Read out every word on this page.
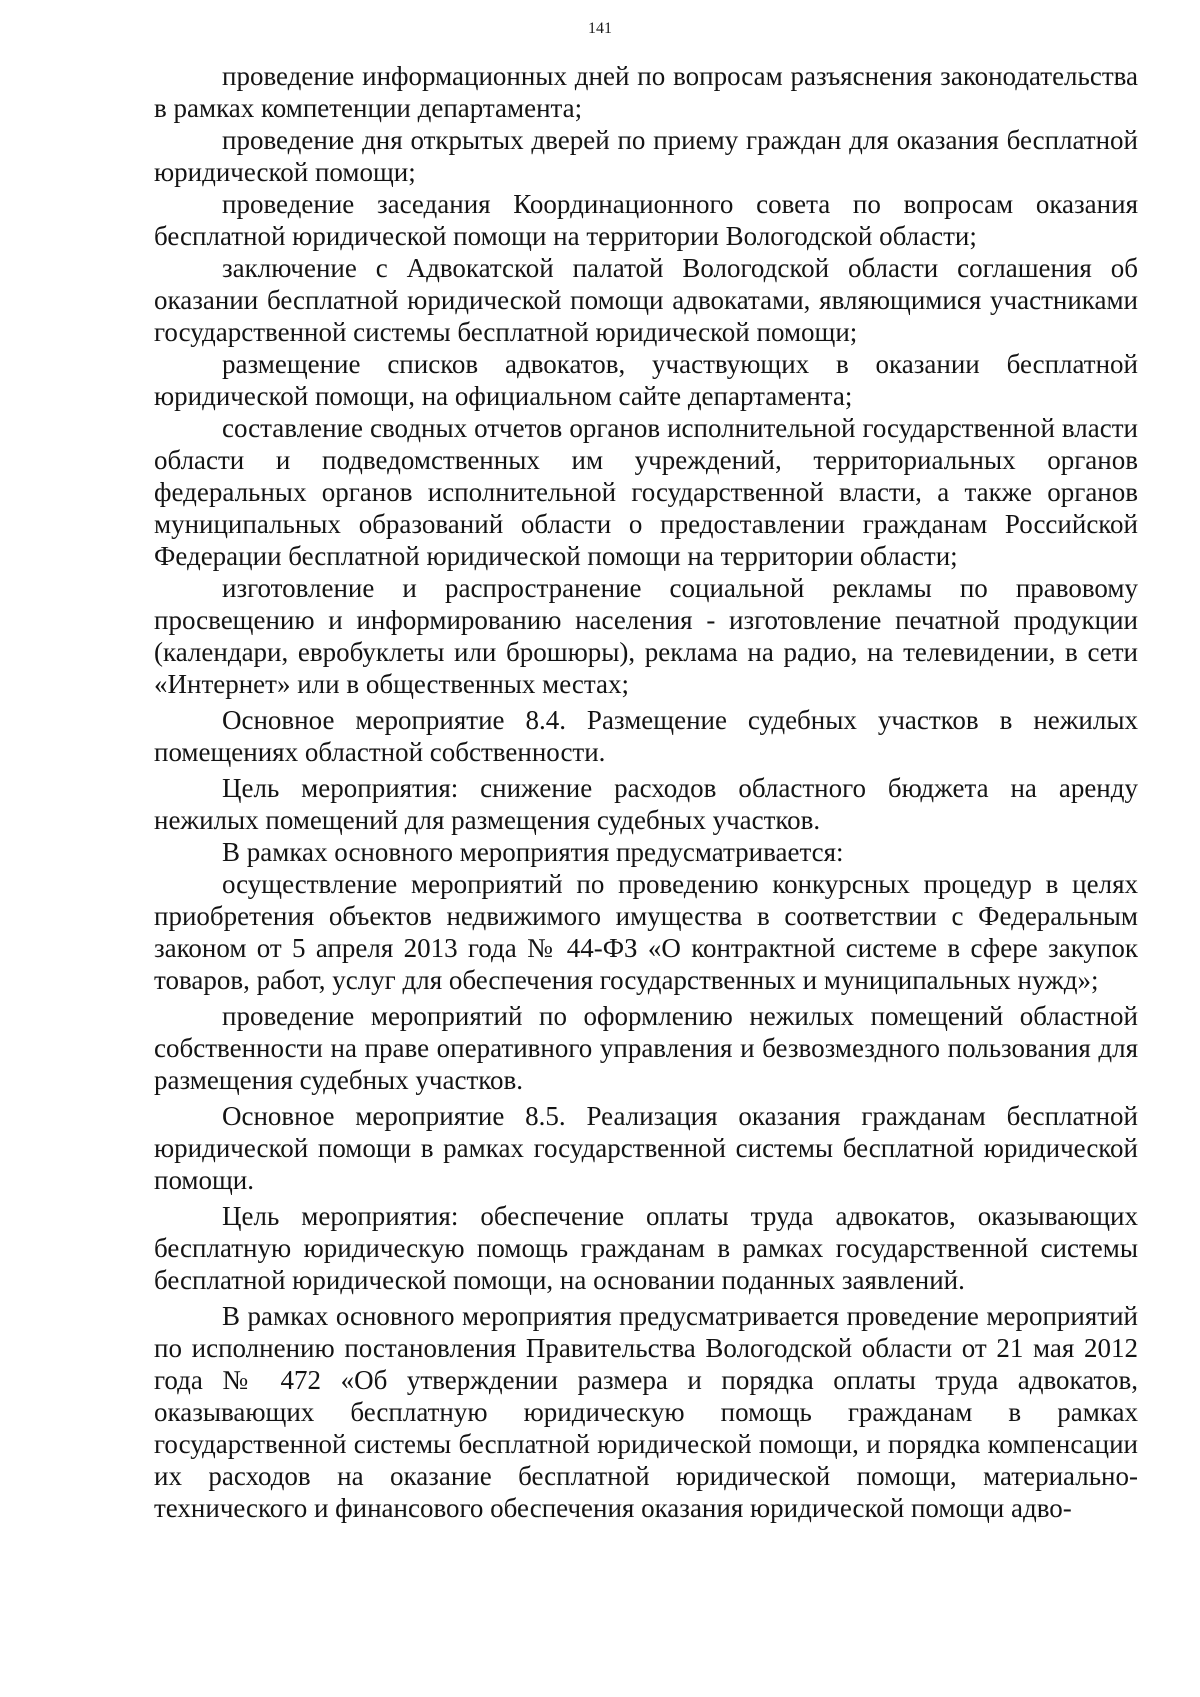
141

проведение информационных дней по вопросам разъяснения законодательства в рамках компетенции департамента;

проведение дня открытых дверей по приему граждан для оказания бесплатной юридической помощи;

проведение заседания Координационного совета по вопросам оказания бесплатной юридической помощи на территории Вологодской области;

заключение с Адвокатской палатой Вологодской области соглашения об оказании бесплатной юридической помощи адвокатами, являющимися участниками государственной системы бесплатной юридической помощи;

размещение списков адвокатов, участвующих в оказании бесплатной юридической помощи, на официальном сайте департамента;

составление сводных отчетов органов исполнительной государственной власти области и подведомственных им учреждений, территориальных органов федеральных органов исполнительной государственной власти, а также органов муниципальных образований области о предоставлении гражданам Российской Федерации бесплатной юридической помощи на территории области;

изготовление и распространение социальной рекламы по правовому просвещению и информированию населения - изготовление печатной продукции (календари, евробуклеты или брошюры), реклама на радио, на телевидении, в сети «Интернет» или в общественных местах;

Основное мероприятие 8.4. Размещение судебных участков в нежилых помещениях областной собственности.

Цель мероприятия: снижение расходов областного бюджета на аренду нежилых помещений для размещения судебных участков.

В рамках основного мероприятия предусматривается:

осуществление мероприятий по проведению конкурсных процедур в целях приобретения объектов недвижимого имущества в соответствии с Федеральным законом от 5 апреля 2013 года № 44-ФЗ «О контрактной системе в сфере закупок товаров, работ, услуг для обеспечения государственных и муниципальных нужд»;

проведение мероприятий по оформлению нежилых помещений областной собственности на праве оперативного управления и безвозмездного пользования для размещения судебных участков.

Основное мероприятие 8.5. Реализация оказания гражданам бесплатной юридической помощи в рамках государственной системы бесплатной юридической помощи.

Цель мероприятия: обеспечение оплаты труда адвокатов, оказывающих бесплатную юридическую помощь гражданам в рамках государственной системы бесплатной юридической помощи, на основании поданных заявлений.

В рамках основного мероприятия предусматривается проведение мероприятий по исполнению постановления Правительства Вологодской области от 21 мая 2012 года № 472 «Об утверждении размера и порядка оплаты труда адвокатов, оказывающих бесплатную юридическую помощь гражданам в рамках государственной системы бесплатной юридической помощи, и порядка компенсации их расходов на оказание бесплатной юридической помощи, материально-технического и финансового обеспечения оказания юридической помощи адво-
